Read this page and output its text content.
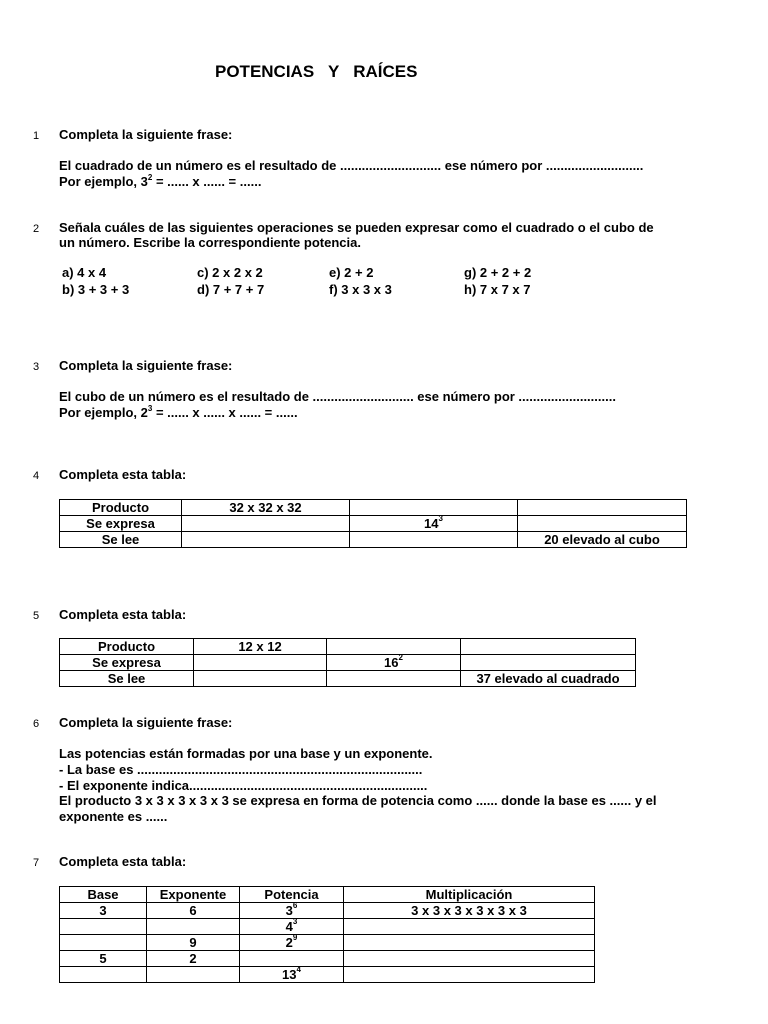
POTENCIAS   Y   RAÍCES
1 Completa la siguiente frase:
El cuadrado de un número es el resultado de ............................ ese número por ...........................
Por ejemplo, $3^2$ = ...... x ...... = ......
2 Señala cuáles de las siguientes operaciones se pueden expresar como el cuadrado o el cubo de
un número. Escribe la correspondiente potencia.
a) 4 x 4
b) 3 + 3 + 3
c) 2 x 2 x 2
d) 7 + 7 + 7
e) 2 + 2
f) 3 x 3 x 3
g) 2 + 2 + 2
h) 7 x 7 x 7
3 Completa la siguiente frase:
El cubo de un número es el resultado de ............................ ese número por ...........................
Por ejemplo, $2^3$ = ...... x ...... x ...... = ......
4 Completa esta tabla:
Producto	32 x 32 x 32		
Se expresa		$14^3$	
Se lee			20 elevado al cubo
5 Completa esta tabla:
Producto	12 x 12		
Se expresa		$16^2$	
Se lee			37 elevado al cuadrado
6 Completa la siguiente frase:
Las potencias están formadas por una base y un exponente.
- La base es ...............................................................................
- El exponente indica..................................................................
El producto 3 x 3 x 3 x 3 x 3 se expresa en forma de potencia como ...... donde la base es ...... y el
exponente es ......
7 Completa esta tabla:
Base	Exponente	Potencia	Multiplicación
3	6	$3^6$	3 x 3 x 3 x 3 x 3 x 3
		$4^3$	
	9	$2^9$	
5	2		
		$13^4$	
